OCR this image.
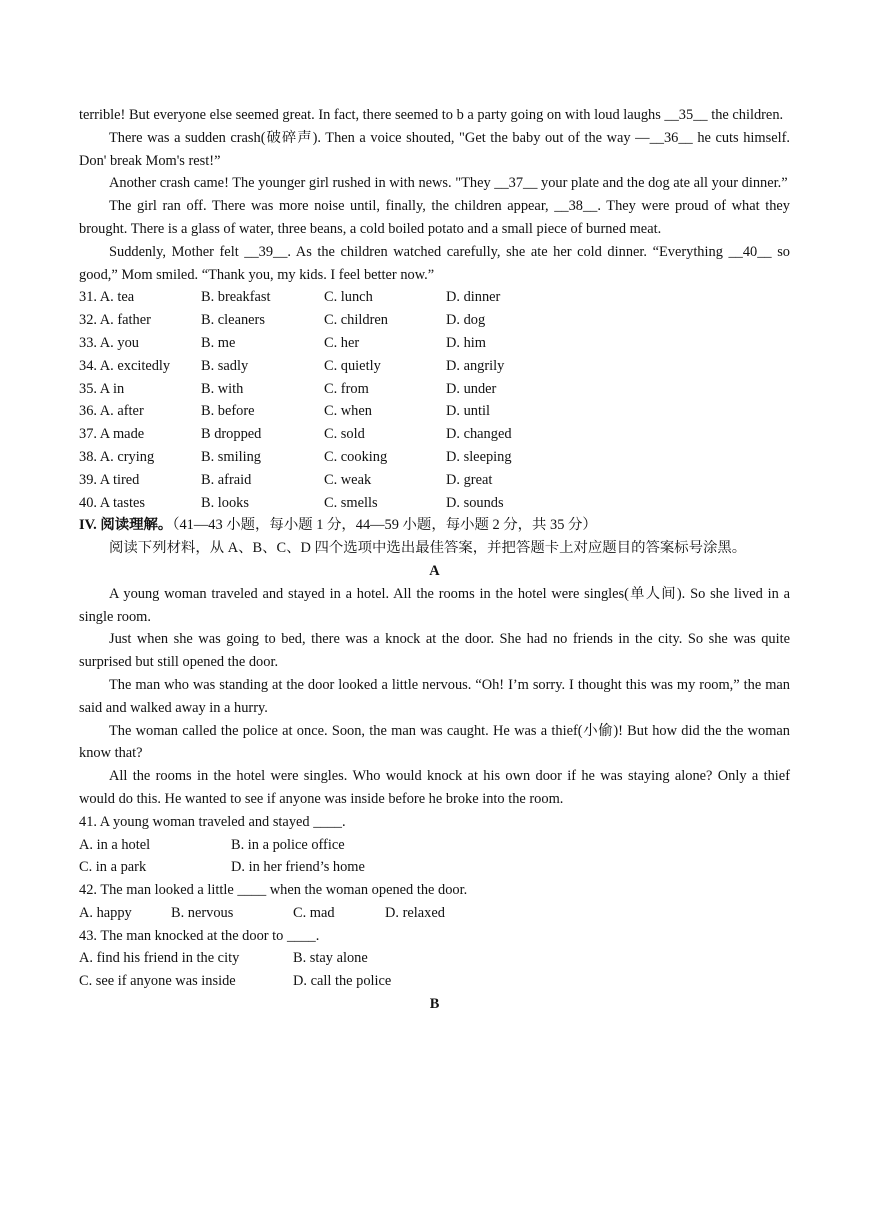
terrible! But everyone else seemed great. In fact, there seemed to b a party going on with loud laughs __35__ the children.

There was a sudden crash(破碎声). Then a voice shouted, "Get the baby out of the way —__36__ he cuts himself. Don' break Mom's rest!”

Another crash came! The younger girl rushed in with news. "They __37__ your plate and the dog ate all your dinner.”

The girl ran off. There was more noise until, finally, the children appear, __38__. They were proud of what they brought. There is a glass of water, three beans, a cold boiled potato and a small piece of burned meat.

Suddenly, Mother felt __39__. As the children watched carefully, she ate her cold dinner. “Everything __40__ so good,” Mom smiled. “Thank you, my kids. I feel better now.”

31. A. tea	B. breakfast	C. lunch	D. dinner
32. A. father	B. cleaners	C. children	D. dog
33. A. you	B. me	C. her	D. him
34. A. excitedly B. sadly	C. quietly	D. angrily
35. A in	B. with	C. from	D. under
36. A. after	B. before	C. when	D. until
37. A made	B dropped	C. sold	D. changed
38. A. crying	B. smiling	C. cooking	D. sleeping
39. A tired	B. afraid	C. weak	D. great
40. A tastes	B. looks	C. smells	D. sounds

IV. 阅读理解。（41—43 小题，每小题 1 分，44—59 小题，每小题 2 分，共 35 分）

阅读下列材料，从 A、B、C、D 四个选项中选出最佳答案，并把答题卡上对应题目的答案标号涂黑。

A

A young woman traveled and stayed in a hotel. All the rooms in the hotel were singles(单人间). So she lived in a single room.

Just when she was going to bed, there was a knock at the door. She had no friends in the city. So she was quite surprised but still opened the door.

The man who was standing at the door looked a little nervous. “Oh! I’m sorry. I thought this was my room,” the man said and walked away in a hurry.

The woman called the police at once. Soon, the man was caught. He was a thief(小偷)! But how did the the woman know that?

All the rooms in the hotel were singles. Who would knock at his own door if he was staying alone? Only a thief would do this. He wanted to see if anyone was inside before he broke into the room.

41. A young woman traveled and stayed ____.

A. in a hotel	B. in a police office
C. in a park	D. in her friend’s home

42. The man looked a little ____ when the woman opened the door.

A. happy	B. nervous	C. mad	D. relaxed

43. The man knocked at the door to ____.

A. find his friend in the city	B. stay alone
C. see if anyone was inside	D. call the police

B
